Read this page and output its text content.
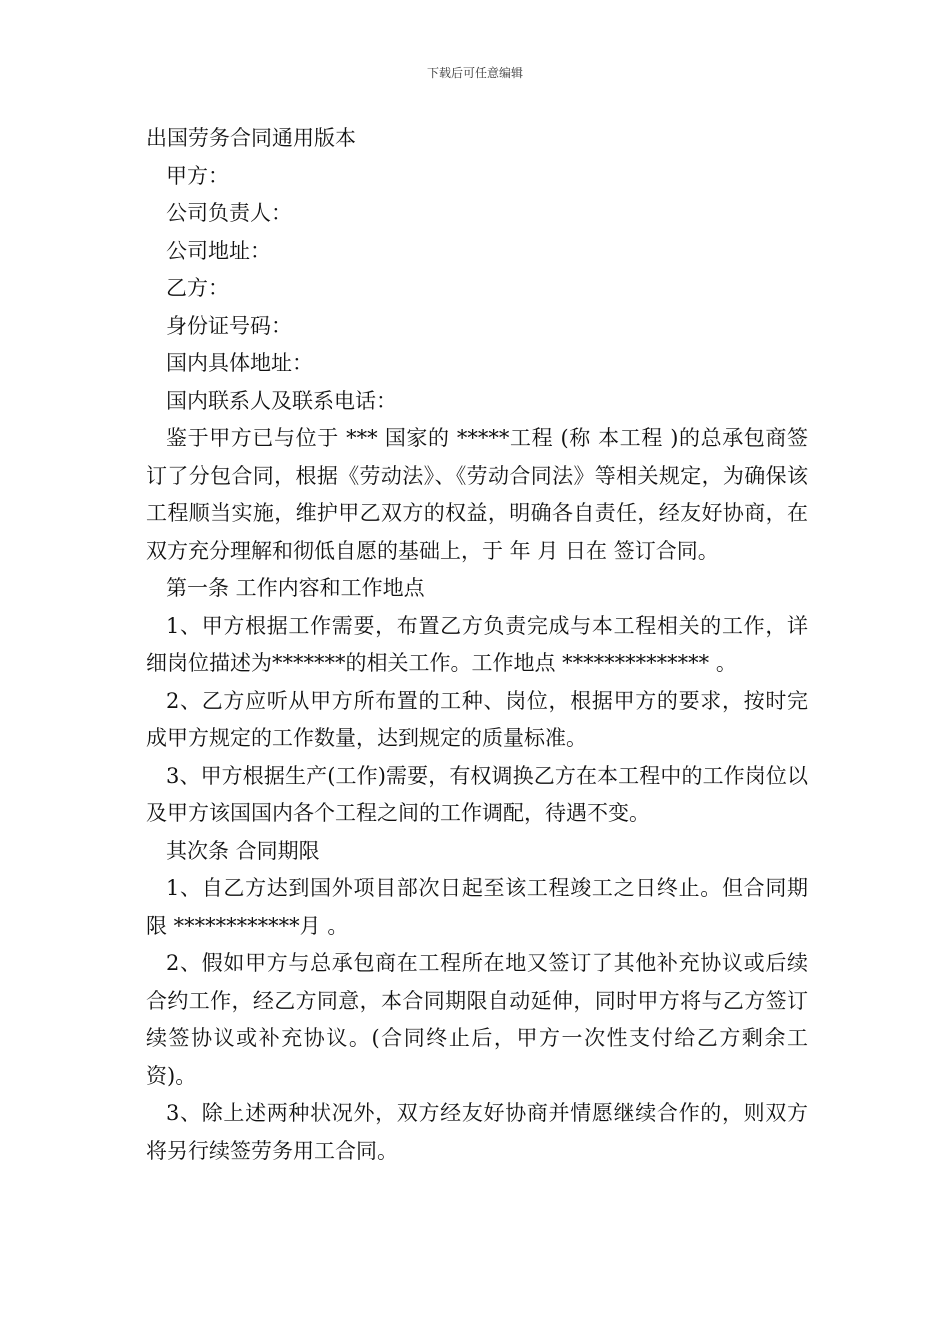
下载后可任意编辑

出国劳务合同通用版本

甲方：

公司负责人：

公司地址：

乙方：

身份证号码：

国内具体地址：

国内联系人及联系电话：

鉴于甲方已与位于 *** 国家的 *****工程 (称 本工程 )的总承包商签订了分包合同，根据《劳动法》、《劳动合同法》等相关规定，为确保该工程顺当实施，维护甲乙双方的权益，明确各自责任，经友好协商，在双方充分理解和彻低自愿的基础上，于 年 月 日在 签订合同。

第一条 工作内容和工作地点

1、甲方根据工作需要，布置乙方负责完成与本工程相关的工作，详细岗位描述为*******的相关工作。工作地点 ************** 。

2、乙方应听从甲方所布置的工种、岗位，根据甲方的要求，按时完成甲方规定的工作数量，达到规定的质量标准。

3、甲方根据生产(工作)需要，有权调换乙方在本工程中的工作岗位以及甲方该国国内各个工程之间的工作调配，待遇不变。

其次条 合同期限

1、自乙方达到国外项目部次日起至该工程竣工之日终止。但合同期限 ************月 。

2、假如甲方与总承包商在工程所在地又签订了其他补充协议或后续合约工作，经乙方同意，本合同期限自动延伸，同时甲方将与乙方签订续签协议或补充协议。(合同终止后，甲方一次性支付给乙方剩余工资)。

3、除上述两种状况外，双方经友好协商并情愿继续合作的，则双方将另行续签劳务用工合同。
